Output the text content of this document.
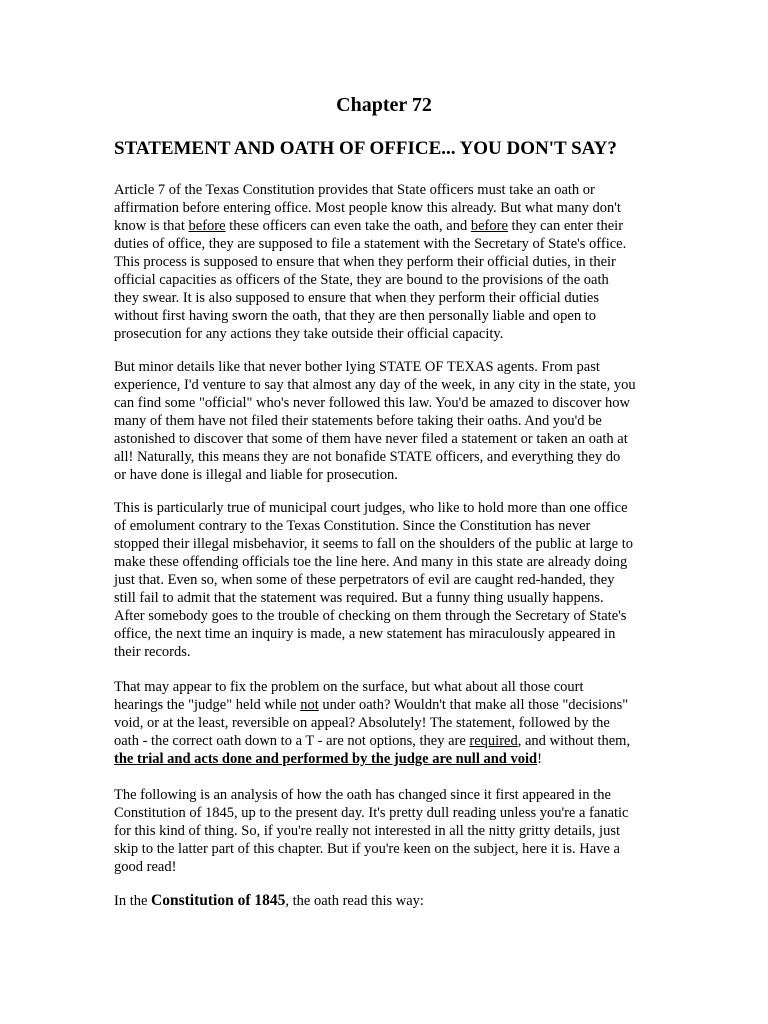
Chapter 72
STATEMENT AND OATH OF OFFICE... YOU DON'T SAY?
Article 7 of the Texas Constitution provides that State officers must take an oath or
affirmation before entering office. Most people know this already. But what many don't
know is that before these officers can even take the oath, and before they can enter their
duties of office, they are supposed to file a statement with the Secretary of State's office.
This process is supposed to ensure that when they perform their official duties, in their
official capacities as officers of the State, they are bound to the provisions of the oath
they swear. It is also supposed to ensure that when they perform their official duties
without first having sworn the oath, that they are then personally liable and open to
prosecution for any actions they take outside their official capacity.
But minor details like that never bother lying STATE OF TEXAS agents. From past
experience, I'd venture to say that almost any day of the week, in any city in the state, you
can find some "official" who's never followed this law. You'd be amazed to discover how
many of them have not filed their statements before taking their oaths. And you'd be
astonished to discover that some of them have never filed a statement or taken an oath at
all! Naturally, this means they are not bonafide STATE officers, and everything they do
or have done is illegal and liable for prosecution.
This is particularly true of municipal court judges, who like to hold more than one office
of emolument contrary to the Texas Constitution. Since the Constitution has never
stopped their illegal misbehavior, it seems to fall on the shoulders of the public at large to
make these offending officials toe the line here. And many in this state are already doing
just that. Even so, when some of these perpetrators of evil are caught red-handed, they
still fail to admit that the statement was required. But a funny thing usually happens.
After somebody goes to the trouble of checking on them through the Secretary of State's
office, the next time an inquiry is made, a new statement has miraculously appeared in
their records.
That may appear to fix the problem on the surface, but what about all those court
hearings the "judge" held while not under oath? Wouldn't that make all those "decisions"
void, or at the least, reversible on appeal? Absolutely! The statement, followed by the
oath - the correct oath down to a T - are not options, they are required, and without them,
the trial and acts done and performed by the judge are null and void!
The following is an analysis of how the oath has changed since it first appeared in the
Constitution of 1845, up to the present day. It's pretty dull reading unless you're a fanatic
for this kind of thing. So, if you're really not interested in all the nitty gritty details, just
skip to the latter part of this chapter. But if you're keen on the subject, here it is. Have a
good read!
In the Constitution of 1845, the oath read this way:
